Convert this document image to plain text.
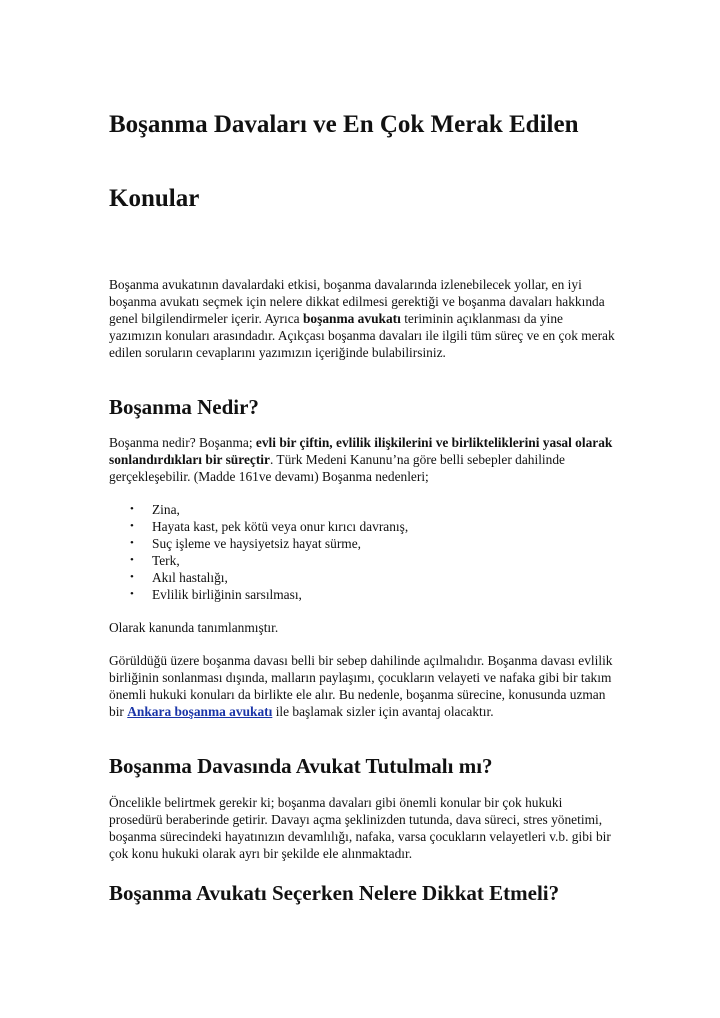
Boşanma Davaları ve En Çok Merak Edilen
Konular

Boşanma avukatının davalardaki etkisi, boşanma davalarında izlenebilecek yollar, en iyi boşanma avukatı seçmek için nelere dikkat edilmesi gerektiği ve boşanma davaları hakkında genel bilgilendirmeler içerir. Ayrıca boşanma avukatı teriminin açıklanması da yine yazımızın konuları arasındadır. Açıkçası boşanma davaları ile ilgili tüm süreç ve en çok merak edilen soruların cevaplarını yazımızın içeriğinde bulabilirsiniz.

Boşanma Nedir?

Boşanma nedir? Boşanma; evli bir çiftin, evlilik ilişkilerini ve birlikteliklerini yasal olarak sonlandırdıkları bir süreçtir. Türk Medeni Kanunu’na göre belli sebepler dahilinde gerçekleşebilir. (Madde 161ve devamı) Boşanma nedenleri;

• Zina,
• Hayata kast, pek kötü veya onur kırıcı davranış,
• Suç işleme ve haysiyetsiz hayat sürme,
• Terk,
• Akıl hastalığı,
• Evlilik birliğinin sarsılması,

Olarak kanunda tanımlanmıştır.

Görüldüğü üzere boşanma davası belli bir sebep dahilinde açılmalıdır. Boşanma davası evlilik birliğinin sonlanması dışında, malların paylaşımı, çocukların velayeti ve nafaka gibi bir takım önemli hukuki konuları da birlikte ele alır. Bu nedenle, boşanma sürecine, konusunda uzman bir Ankara boşanma avukatı ile başlamak sizler için avantaj olacaktır.

Boşanma Davasında Avukat Tutulmalı mı?

Öncelikle belirtmek gerekir ki; boşanma davaları gibi önemli konular bir çok hukuki prosedürü beraberinde getirir. Davayı açma şeklinizden tutunda, dava süreci, stres yönetimi, boşanma sürecindeki hayatınızın devamlılığı, nafaka, varsa çocukların velayetleri v.b. gibi bir çok konu hukuki olarak ayrı bir şekilde ele alınmaktadır.

Boşanma Avukatı Seçerken Nelere Dikkat Etmeli?
